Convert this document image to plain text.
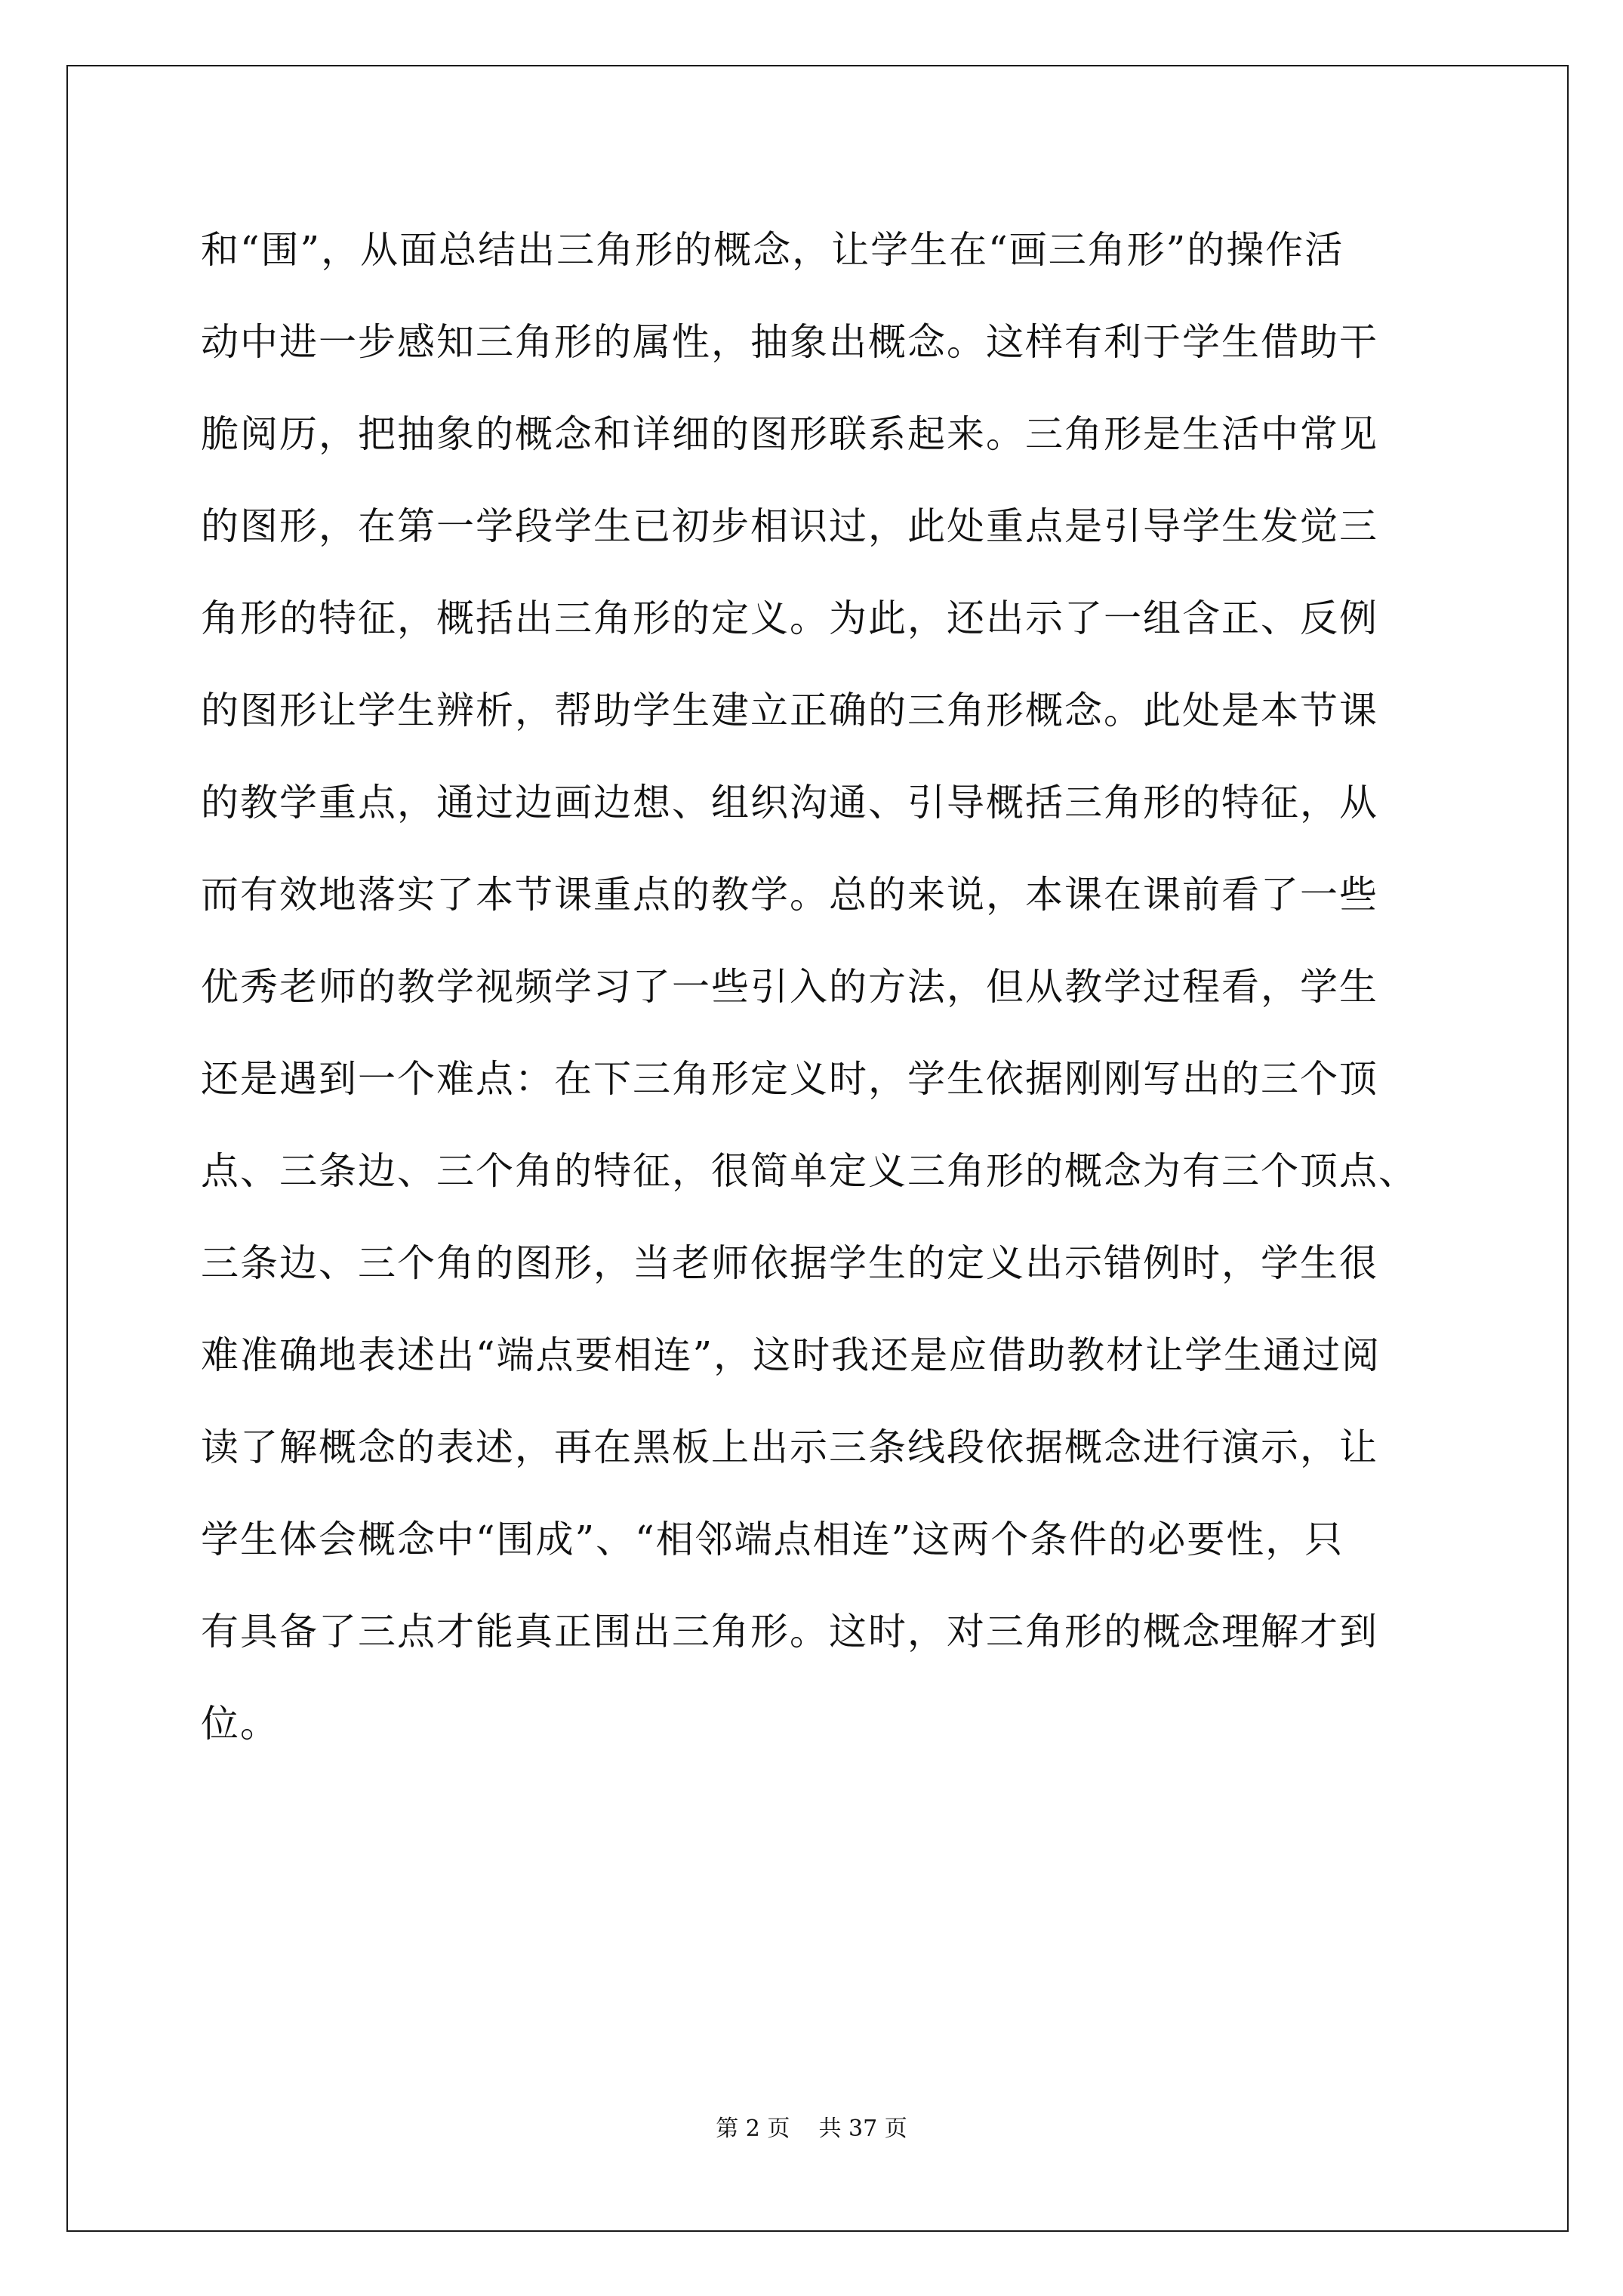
和“围”，从面总结出三角形的概念，让学生在“画三角形”的操作活
动中进一步感知三角形的属性，抽象出概念。这样有利于学生借助干
脆阅历，把抽象的概念和详细的图形联系起来。三角形是生活中常见
的图形，在第一学段学生已初步相识过，此处重点是引导学生发觉三
角形的特征，概括出三角形的定义。为此，还出示了一组含正、反例
的图形让学生辨析，帮助学生建立正确的三角形概念。此处是本节课
的教学重点，通过边画边想、组织沟通、引导概括三角形的特征，从
而有效地落实了本节课重点的教学。总的来说，本课在课前看了一些
优秀老师的教学视频学习了一些引入的方法，但从教学过程看，学生
还是遇到一个难点：在下三角形定义时，学生依据刚刚写出的三个顶
点、三条边、三个角的特征，很简单定义三角形的概念为有三个顶点、
三条边、三个角的图形，当老师依据学生的定义出示错例时，学生很
难准确地表述出“端点要相连”，这时我还是应借助教材让学生通过阅
读了解概念的表述，再在黑板上出示三条线段依据概念进行演示，让
学生体会概念中“围成”、“相邻端点相连”这两个条件的必要性，只
有具备了三点才能真正围出三角形。这时，对三角形的概念理解才到
位。
第 2 页    共 37 页
